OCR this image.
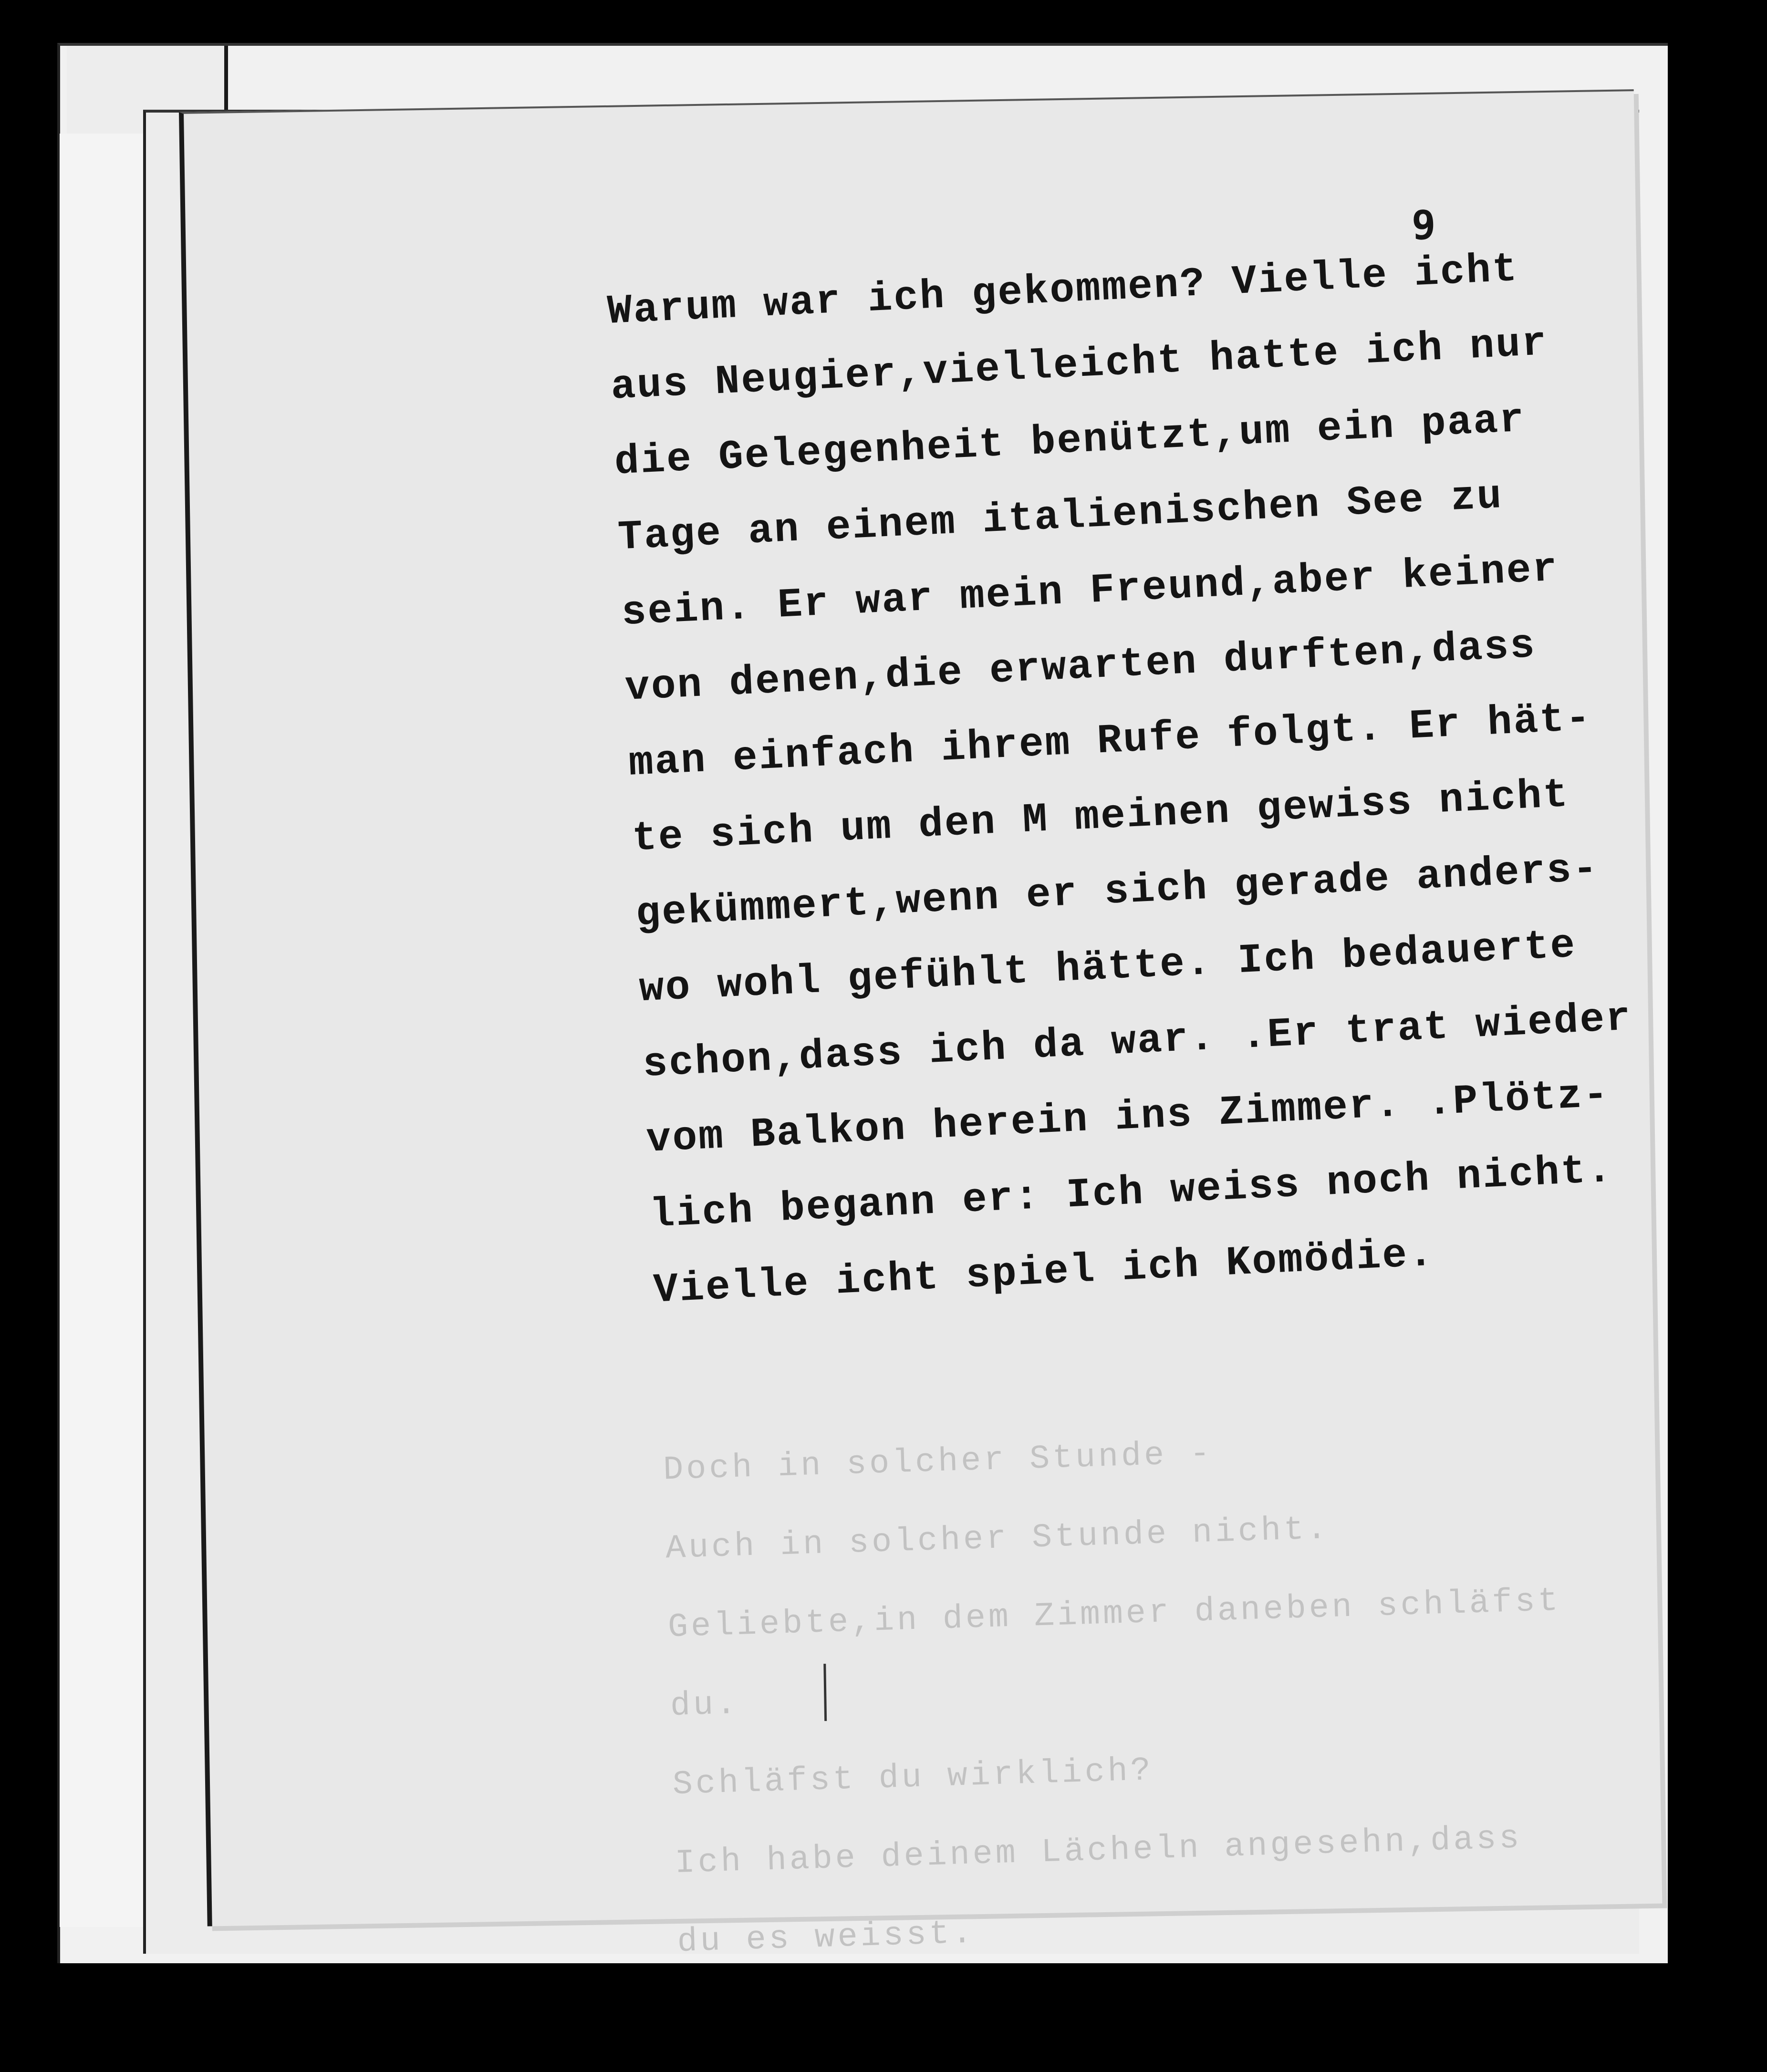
9
Doch in solcher Stunde -
Auch in solcher Stunde nicht.
Geliebte,in dem Zimmer daneben schläfst
du.
Schläfst du wirklich?
Ich habe deinem Lächeln angesehn,dass
du es weisst.
Warum war ich gekommen? Vielle icht
aus Neugier,vielleicht hatte ich nur
die Gelegenheit benützt,um ein paar
Tage an einem italienischen See zu
sein. Er war mein Freund,aber keiner
von denen,die erwarten durften,dass
man einfach ihrem Rufe folgt. Er hät-
te sich um den M meinen gewiss nicht
gekümmert,wenn er sich gerade anders-
wo wohl gefühlt hätte. Ich bedauerte
schon,dass ich da war. .Er trat wieder
vom Balkon herein ins Zimmer. .Plötz-
lich begann er: Ich weiss noch nicht.
Vielle icht spiel ich Komödie.
